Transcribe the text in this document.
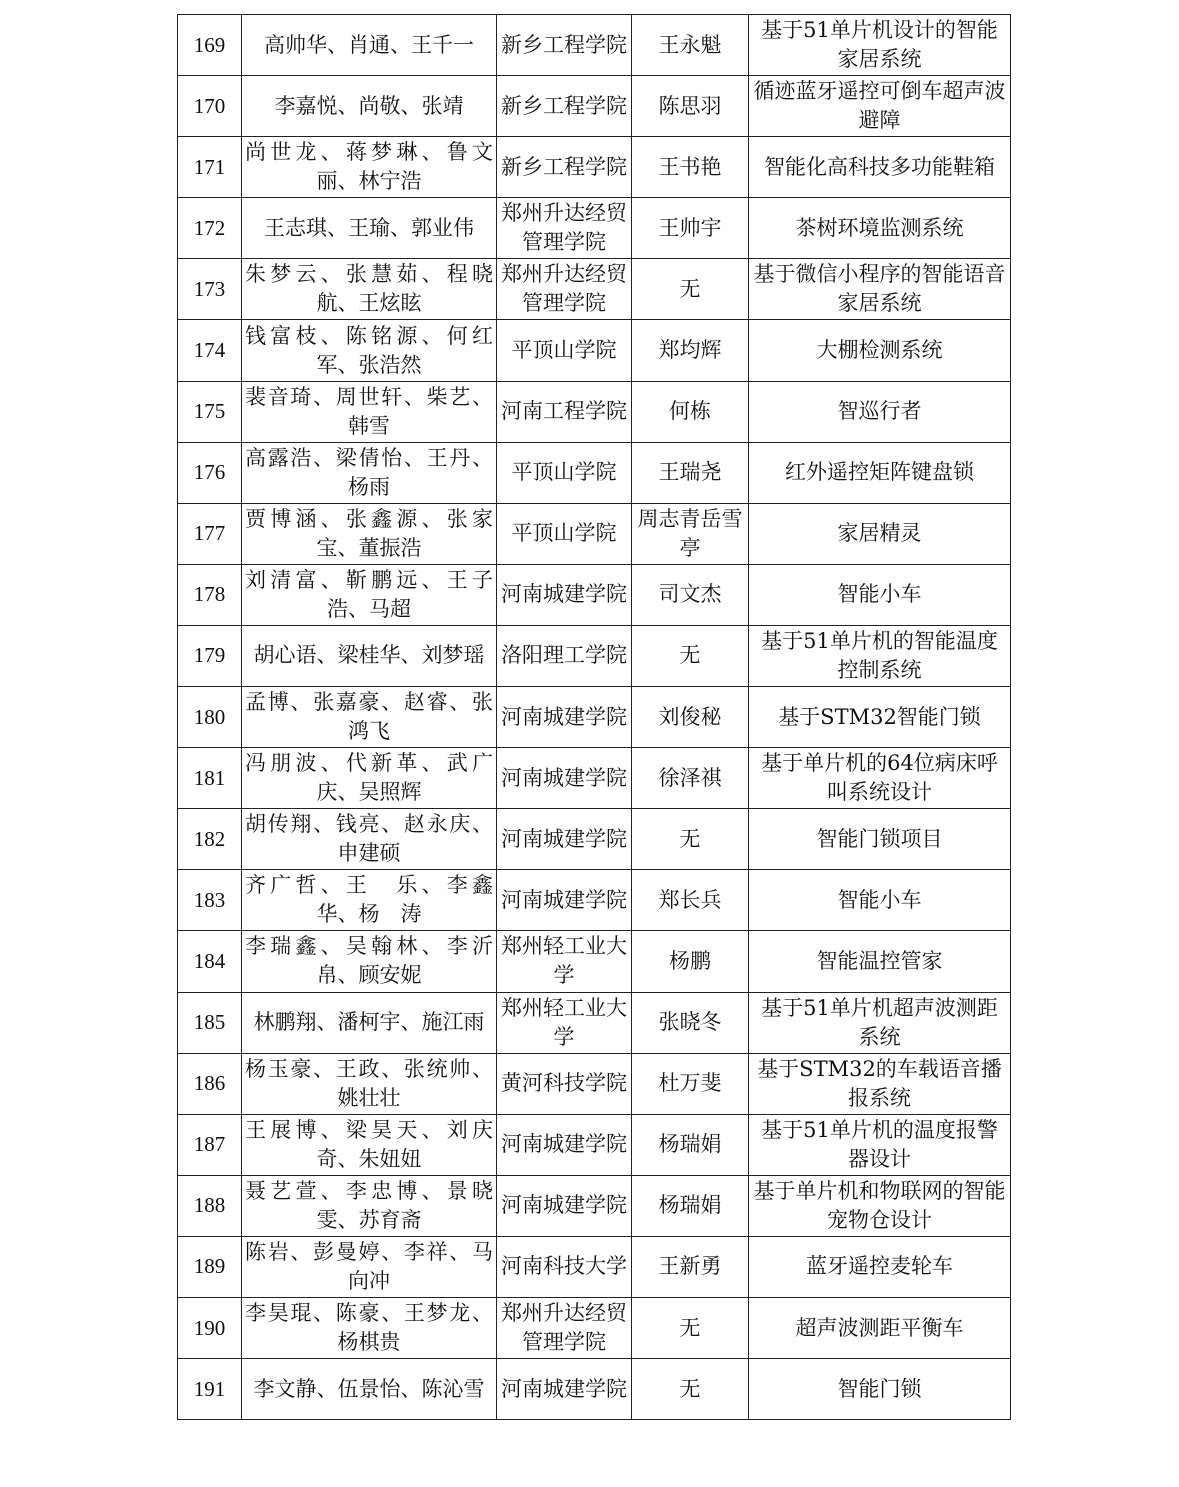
169	高帅华、肖通、王千一	新乡工程学院	王永魁	基于51单片机设计的智能家居系统
170	李嘉悦、尚敬、张靖	新乡工程学院	陈思羽	循迹蓝牙遥控可倒车超声波避障
171	尚世龙、蒋梦琳、鲁文丽、林宁浩	新乡工程学院	王书艳	智能化高科技多功能鞋箱
172	王志琪、王瑜、郭业伟	郑州升达经贸管理学院	王帅宇	茶树环境监测系统
173	朱梦云、张慧茹、程晓航、王炫眩	郑州升达经贸管理学院	无	基于微信小程序的智能语音家居系统
174	钱富枝、陈铭源、何红军、张浩然	平顶山学院	郑均辉	大棚检测系统
175	裴音琦、周世轩、柴艺、韩雪	河南工程学院	何栋	智巡行者
176	高露浩、梁倩怡、王丹、杨雨	平顶山学院	王瑞尧	红外遥控矩阵键盘锁
177	贾博涵、张鑫源、张家宝、董振浩	平顶山学院	周志青岳雪亭	家居精灵
178	刘清富、靳鹏远、王子浩、马超	河南城建学院	司文杰	智能小车
179	胡心语、梁桂华、刘梦瑶	洛阳理工学院	无	基于51单片机的智能温度控制系统
180	孟博、张嘉豪、赵睿、张鸿飞	河南城建学院	刘俊秘	基于STM32智能门锁
181	冯朋波、代新革、武广庆、吴照辉	河南城建学院	徐泽祺	基于单片机的64位病床呼叫系统设计
182	胡传翔、钱亮、赵永庆、申建硕	河南城建学院	无	智能门锁项目
183	齐广哲、王　乐、李鑫华、杨　涛	河南城建学院	郑长兵	智能小车
184	李瑞鑫、吴翰林、李沂帛、顾安妮	郑州轻工业大学	杨鹏	智能温控管家
185	林鹏翔、潘柯宇、施江雨	郑州轻工业大学	张晓冬	基于51单片机超声波测距系统
186	杨玉豪、王政、张统帅、姚壮壮	黄河科技学院	杜万斐	基于STM32的车载语音播报系统
187	王展博、梁昊天、刘庆奇、朱妞妞	河南城建学院	杨瑞娟	基于51单片机的温度报警器设计
188	聂艺萱、李忠博、景晓雯、苏育斋	河南城建学院	杨瑞娟	基于单片机和物联网的智能宠物仓设计
189	陈岩、彭曼婷、李祥、马向冲	河南科技大学	王新勇	蓝牙遥控麦轮车
190	李昊琨、陈豪、王梦龙、杨棋贵	郑州升达经贸管理学院	无	超声波测距平衡车
191	李文静、伍景怡、陈沁雪	河南城建学院	无	智能门锁
